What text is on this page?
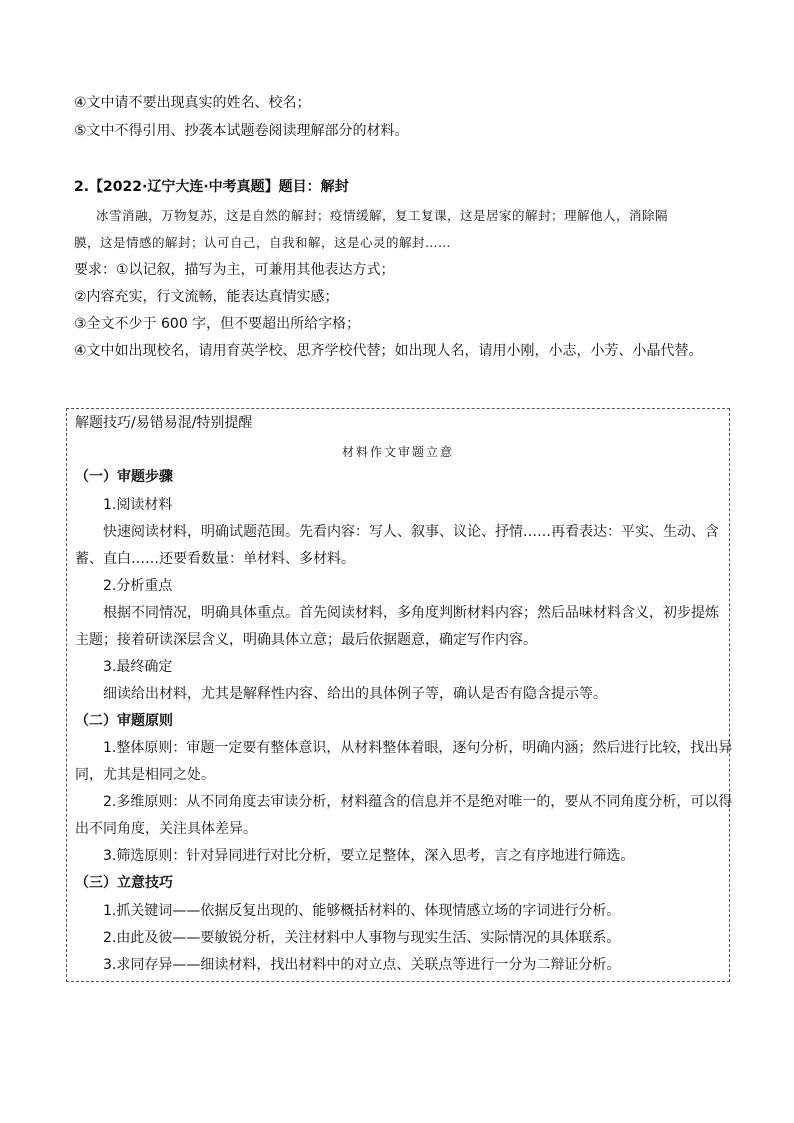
④文中请不要出现真实的姓名、校名；
⑤文中不得引用、抄袭本试题卷阅读理解部分的材料。
2.【2022·辽宁大连·中考真题】题目：解封
冰雪消融，万物复苏，这是自然的解封；疫情缓解，复工复课，这是居家的解封；理解他人，消除隔
膜，这是情感的解封；认可自己，自我和解，这是心灵的解封……
要求：①以记叙，描写为主，可兼用其他表达方式；
②内容充实，行文流畅，能表达真情实感；
③全文不少于 600 字，但不要超出所给字格；
④文中如出现校名，请用育英学校、思齐学校代替；如出现人名，请用小刚，小志，小芳、小晶代替。
解题技巧/易错易混/特别提醒
材料作文审题立意
（一）审题步骤
1.阅读材料
快速阅读材料，明确试题范围。先看内容：写人、叙事、议论、抒情……再看表达：平实、生动、含
蓄、直白……还要看数量：单材料、多材料。
2.分析重点
根据不同情况，明确具体重点。首先阅读材料，多角度判断材料内容；然后品味材料含义，初步提炼
主题；接着研读深层含义，明确具体立意；最后依据题意，确定写作内容。
3.最终确定
细读给出材料，尤其是解释性内容、给出的具体例子等，确认是否有隐含提示等。
（二）审题原则
1.整体原则：审题一定要有整体意识，从材料整体着眼，逐句分析，明确内涵；然后进行比较，找出异
同，尤其是相同之处。
2.多维原则：从不同角度去审读分析，材料蕴含的信息并不是绝对唯一的，要从不同角度分析，可以得
出不同角度，关注具体差异。
3.筛选原则：针对异同进行对比分析，要立足整体，深入思考，言之有序地进行筛选。
（三）立意技巧
1.抓关键词——依据反复出现的、能够概括材料的、体现情感立场的字词进行分析。
2.由此及彼——要敏锐分析，关注材料中人事物与现实生活、实际情况的具体联系。
3.求同存异——细读材料，找出材料中的对立点、关联点等进行一分为二辩证分析。
